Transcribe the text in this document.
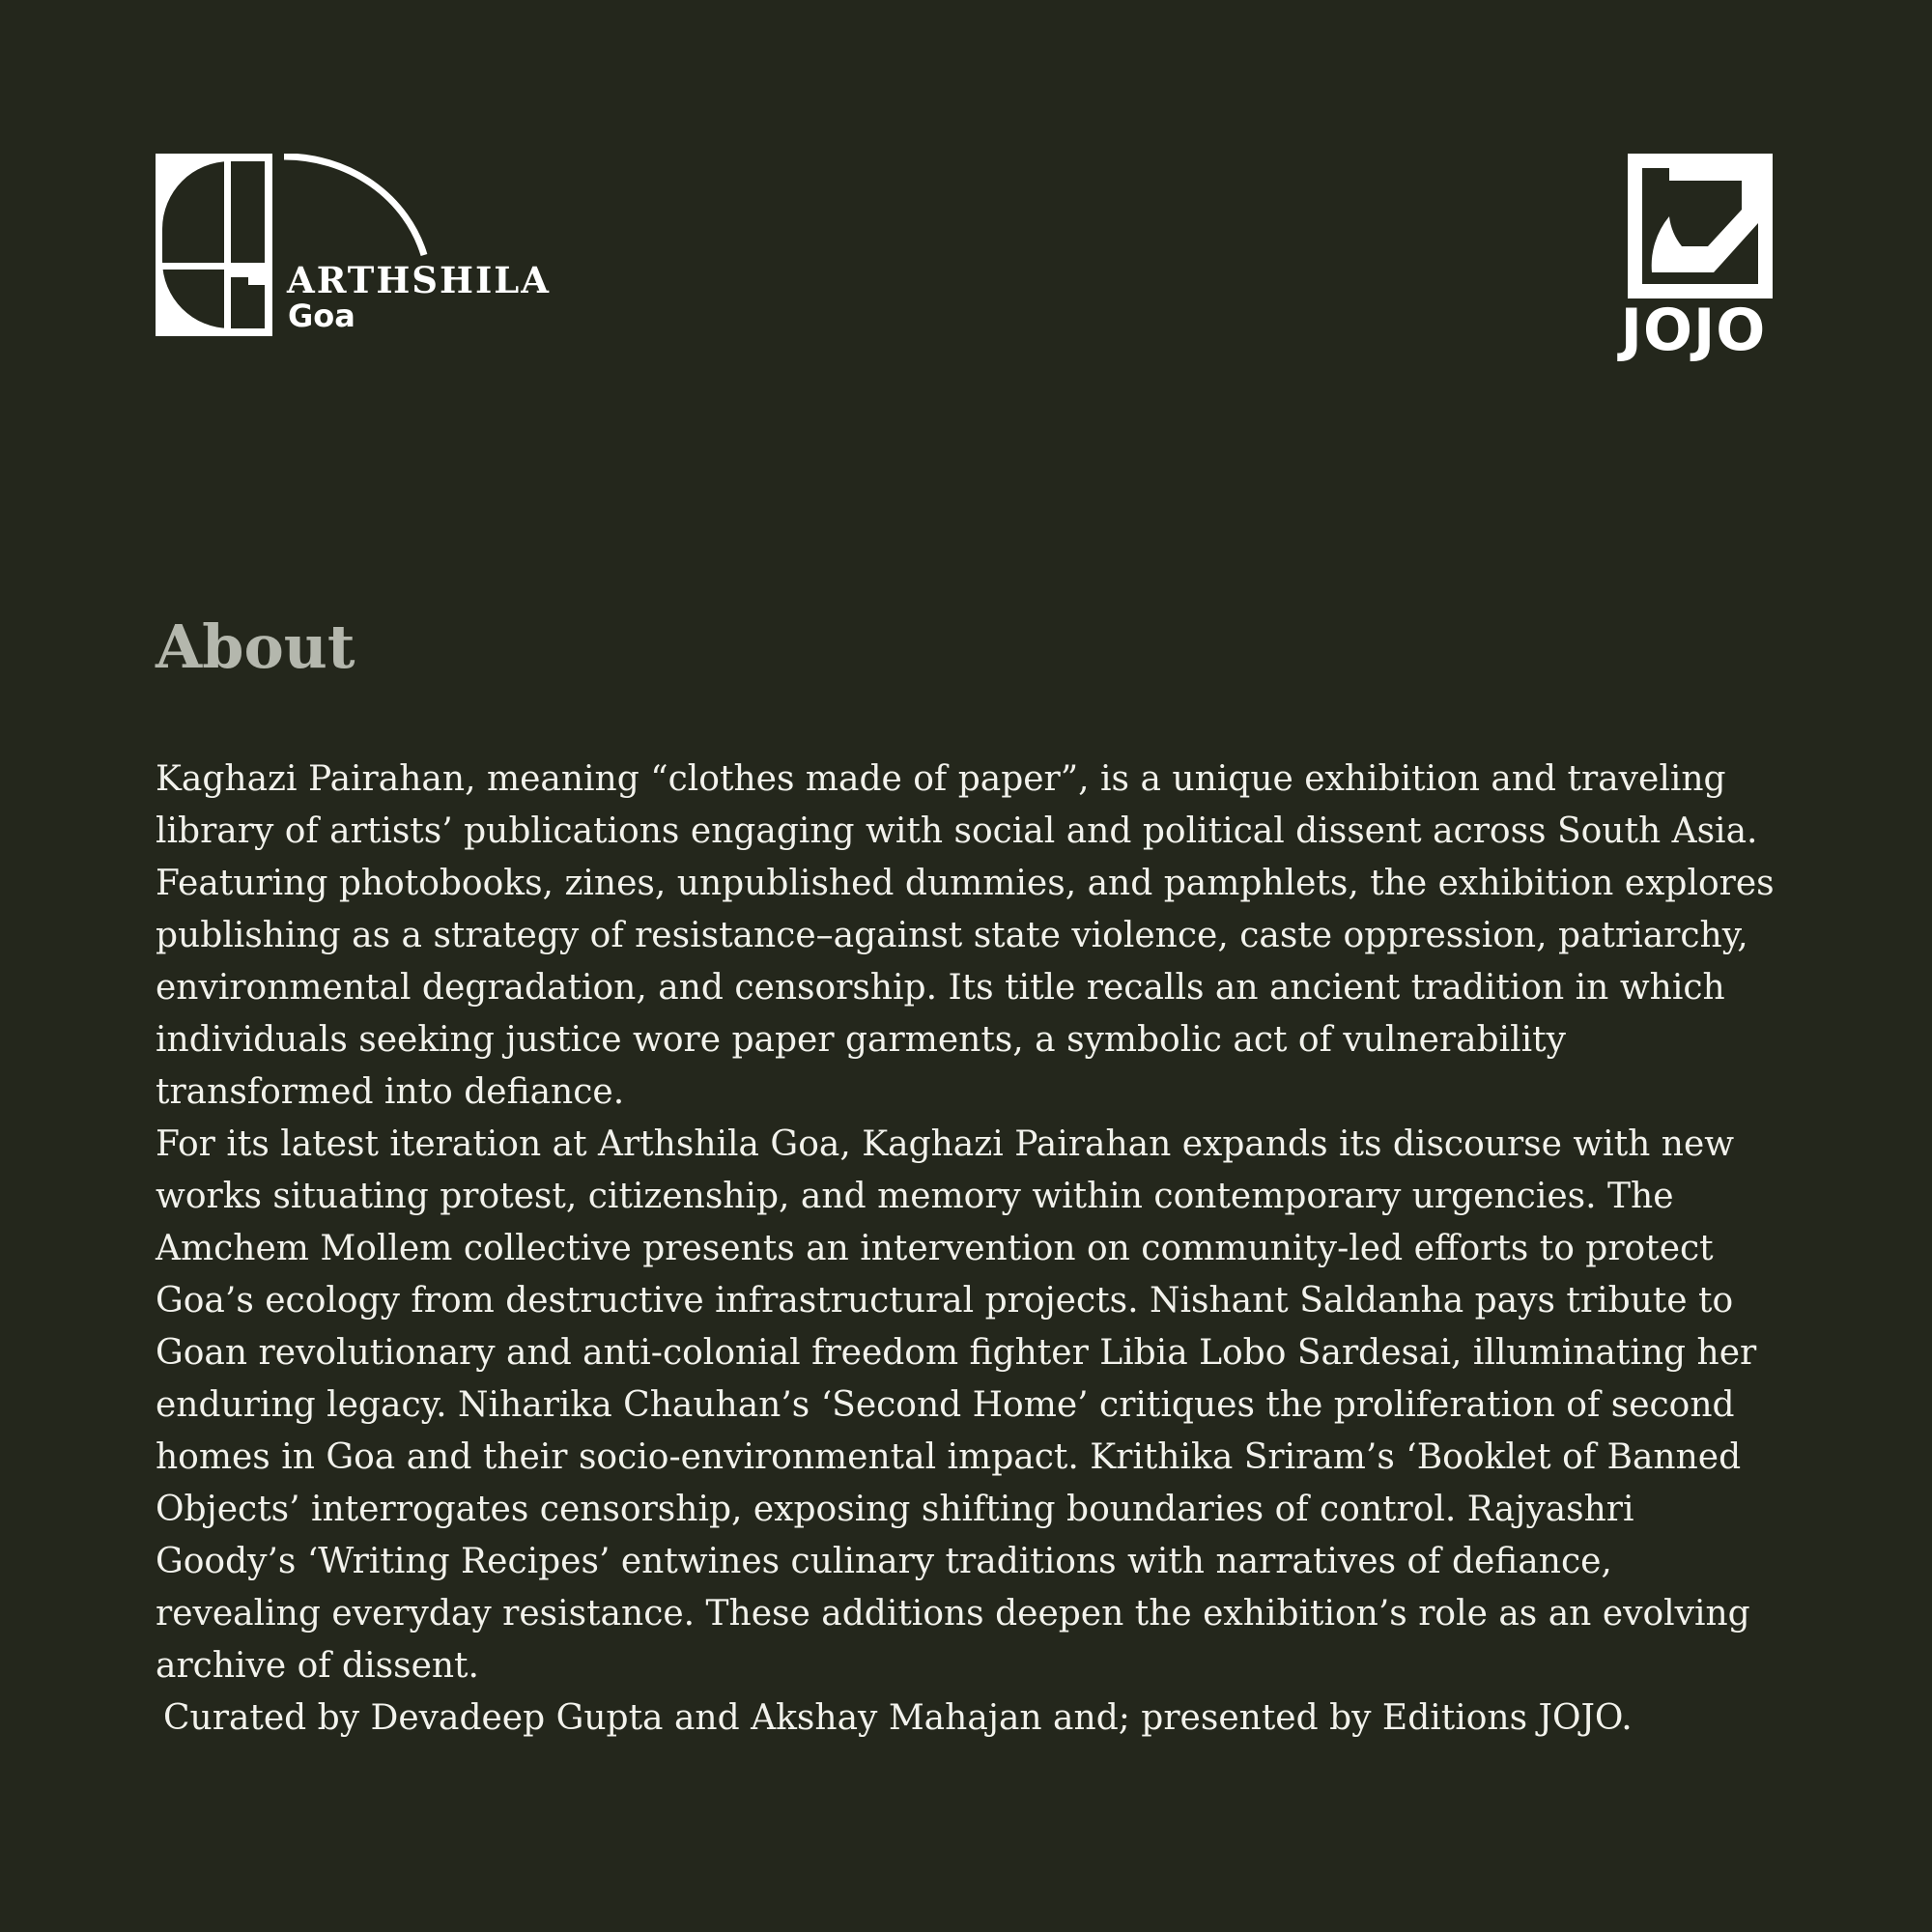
ARTHSHILA
Goa	JOJO
About

Kaghazi Pairahan, meaning “clothes made of paper”, is a unique exhibition and traveling library of artists’ publications engaging with social and political dissent across South Asia. Featuring photobooks, zines, unpublished dummies, and pamphlets, the exhibition explores publishing as a strategy of resistance–against state violence, caste oppression, patriarchy, environmental degradation, and censorship. Its title recalls an ancient tradition in which individuals seeking justice wore paper garments, a symbolic act of vulnerability transformed into defiance.

For its latest iteration at Arthshila Goa, Kaghazi Pairahan expands its discourse with new works situating protest, citizenship, and memory within contemporary urgencies. The Amchem Mollem collective presents an intervention on community-led efforts to protect Goa’s ecology from destructive infrastructural projects. Nishant Saldanha pays tribute to Goan revolutionary and anti-colonial freedom fighter Libia Lobo Sardesai, illuminating her enduring legacy. Niharika Chauhan’s ‘Second Home’ critiques the proliferation of second homes in Goa and their socio-environmental impact. Krithika Sriram’s ‘Booklet of Banned Objects’ interrogates censorship, exposing shifting boundaries of control. Rajyashri Goody’s ‘Writing Recipes’ entwines culinary traditions with narratives of defiance, revealing everyday resistance. These additions deepen the exhibition’s role as an evolving archive of dissent.

Curated by Devadeep Gupta and Akshay Mahajan and; presented by Editions JOJO.
